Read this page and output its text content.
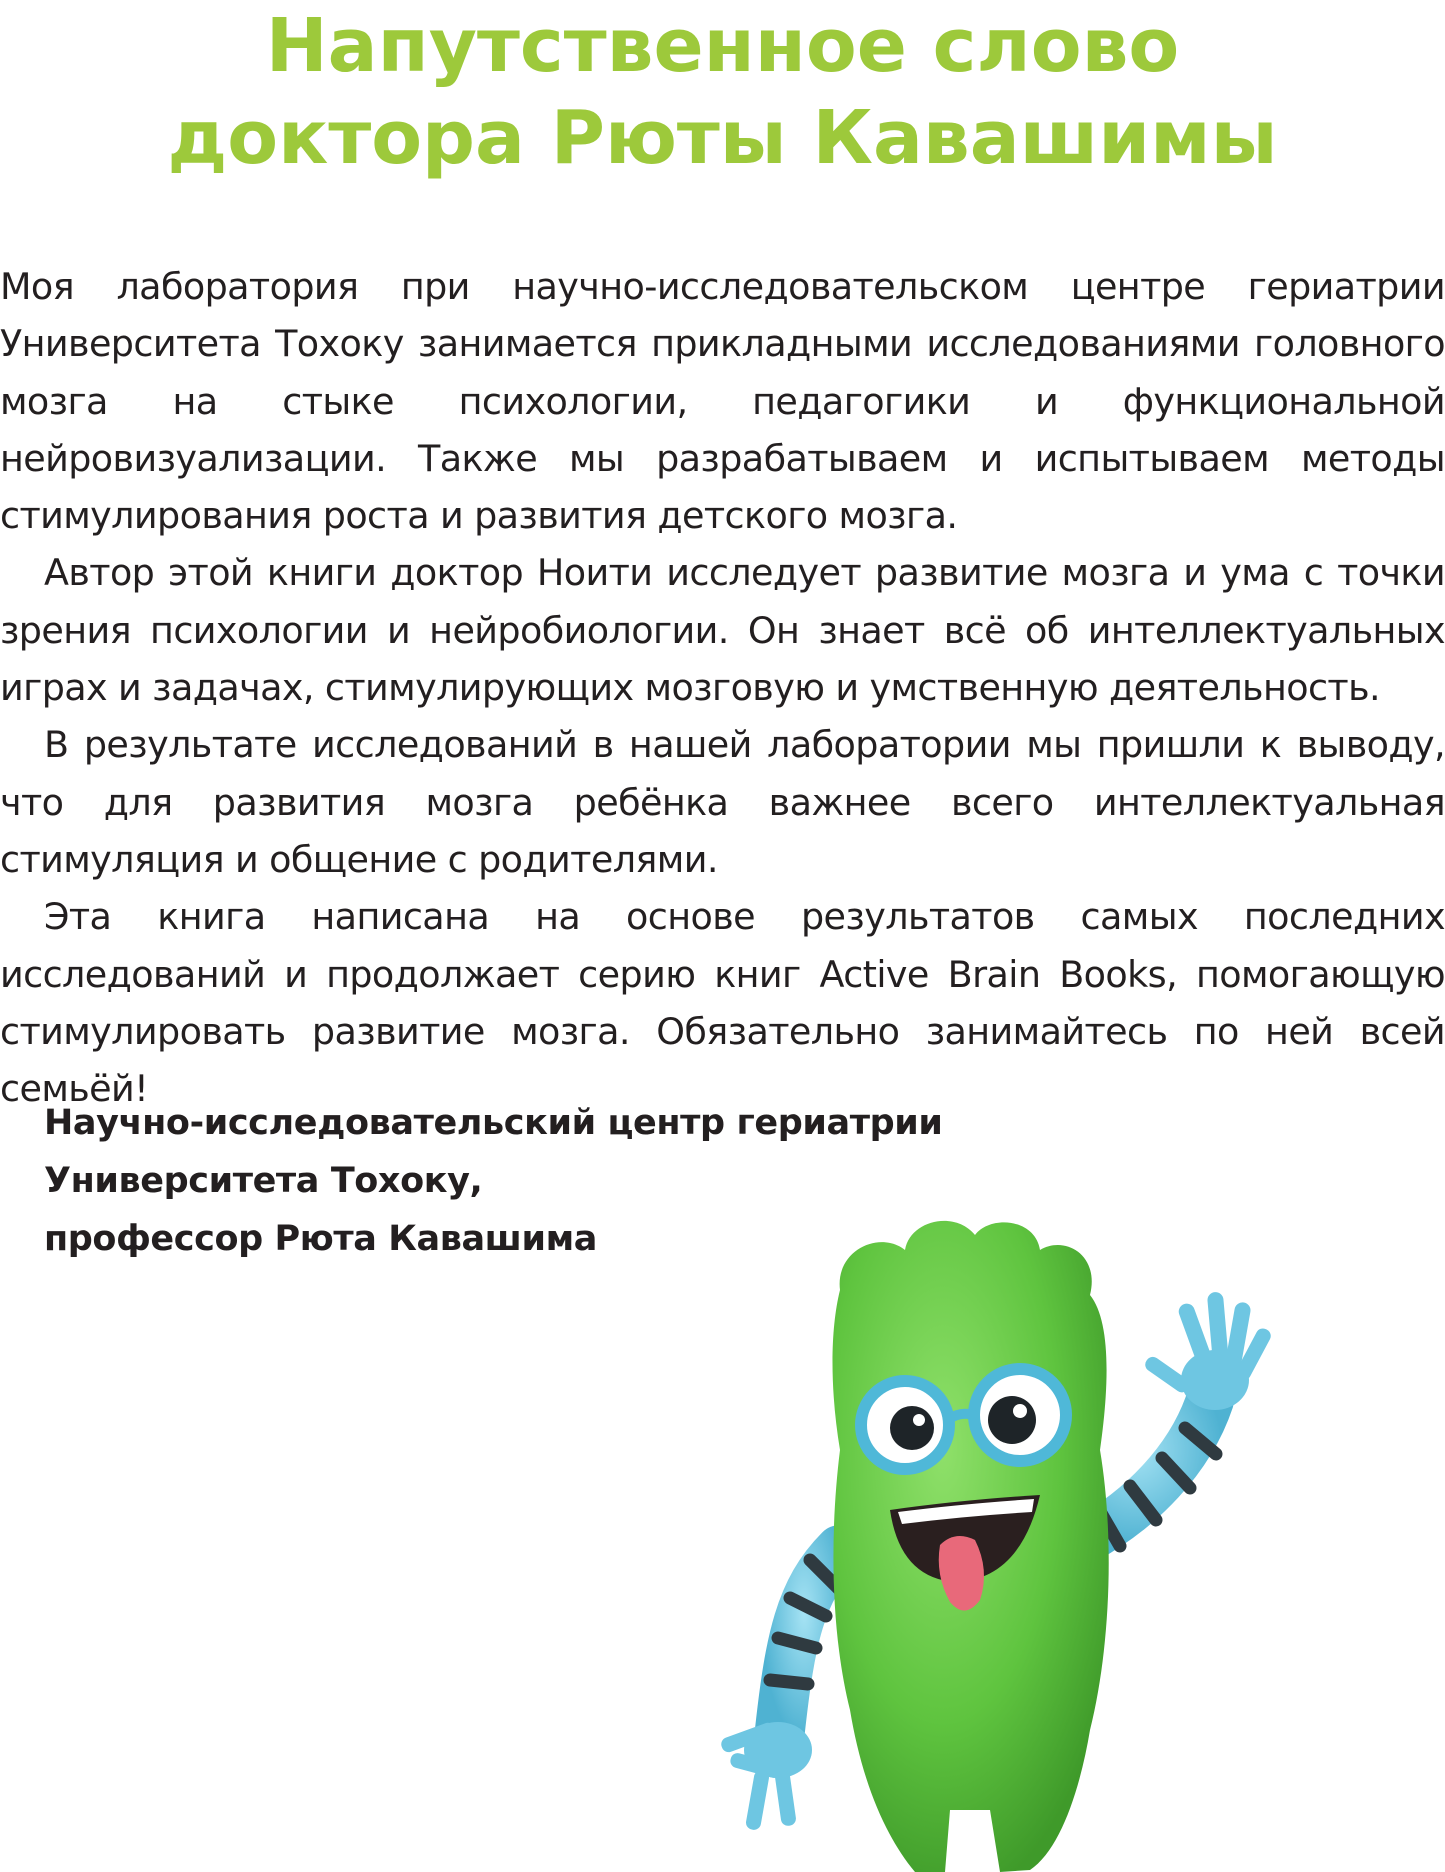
Напутственное слово
доктора Рюты Кавашимы

Моя лаборатория при научно-исследовательском центре гериатрии Университета Тохоку занимается прикладными исследованиями головного мозга на стыке психологии, педагогики и функциональной нейровизуализации. Также мы разрабатываем и испытываем методы стимулирования роста и развития детского мозга.

Автор этой книги доктор Ноити исследует развитие мозга и ума с точки зрения психологии и нейробиологии. Он знает всё об интеллектуальных играх и задачах, стимулирующих мозговую и умственную деятельность.

В результате исследований в нашей лаборатории мы пришли к выводу, что для развития мозга ребёнка важнее всего интеллектуальная стимуляция и общение с родителями.

Эта книга написана на основе результатов самых последних исследований и продолжает серию книг Active Brain Books, помогающую стимулировать развитие мозга. Обязательно занимайтесь по ней всей семьёй!

Научно-исследовательский центр гериатрии
Университета Тохоку,
профессор Рюта Кавашима
